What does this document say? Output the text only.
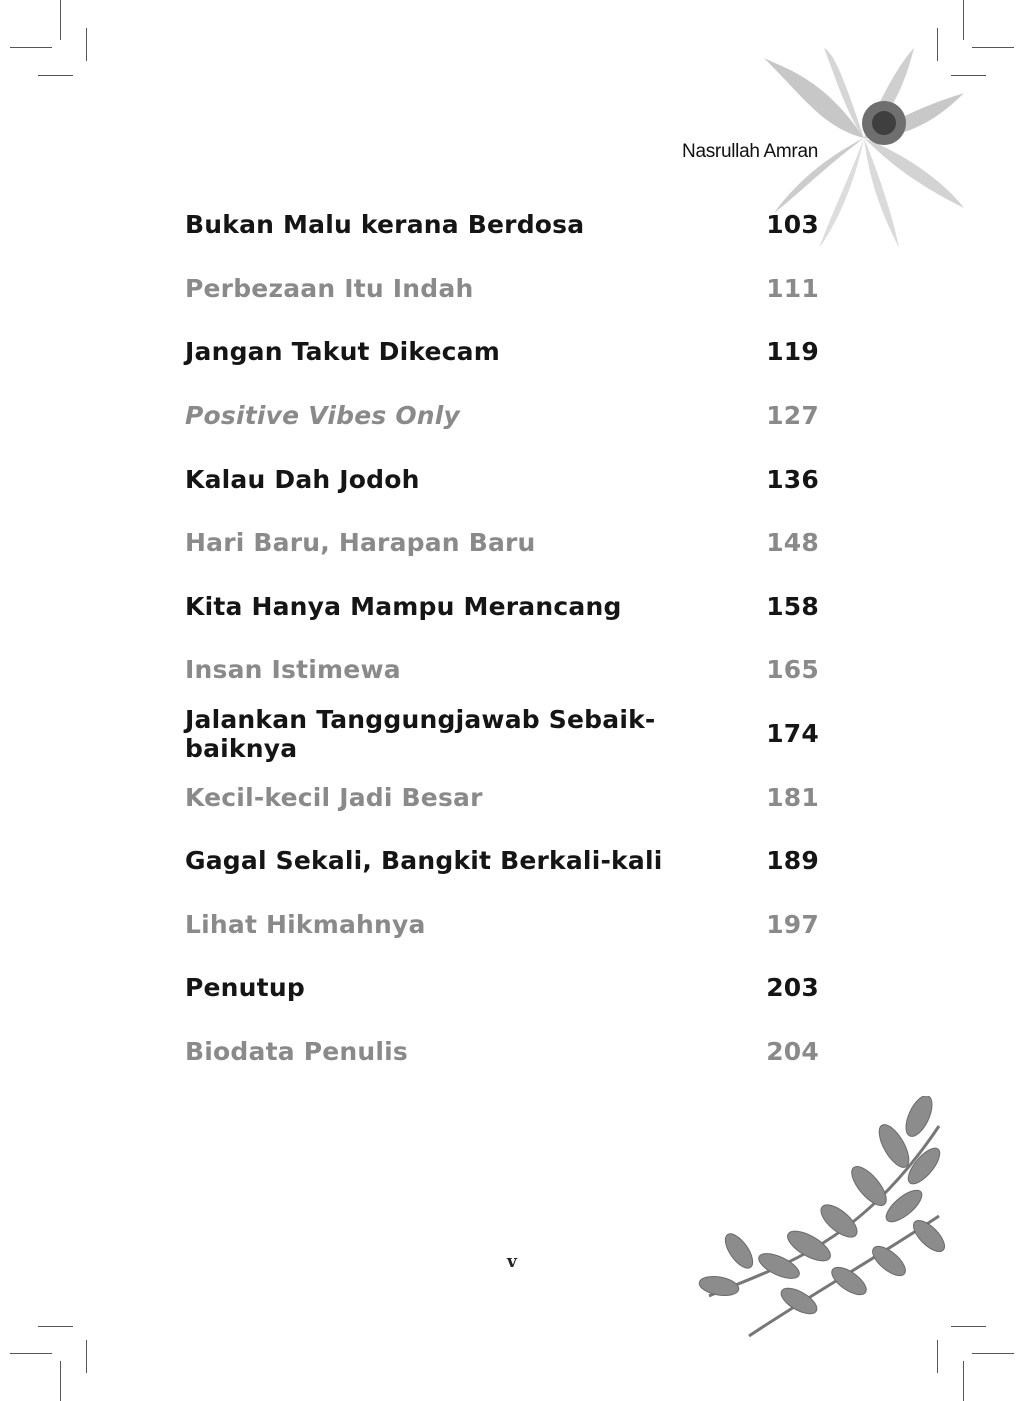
Nasrullah Amran
Bukan Malu kerana Berdosa	103
Perbezaan Itu Indah	111
Jangan Takut Dikecam	119
Positive Vibes Only	127
Kalau Dah Jodoh	136
Hari Baru, Harapan Baru	148
Kita Hanya Mampu Merancang	158
Insan Istimewa	165
Jalankan Tanggungjawab Sebaik-baiknya	174
Kecil-kecil Jadi Besar	181
Gagal Sekali, Bangkit Berkali-kali	189
Lihat Hikmahnya	197
Penutup	203
Biodata Penulis	204
v
